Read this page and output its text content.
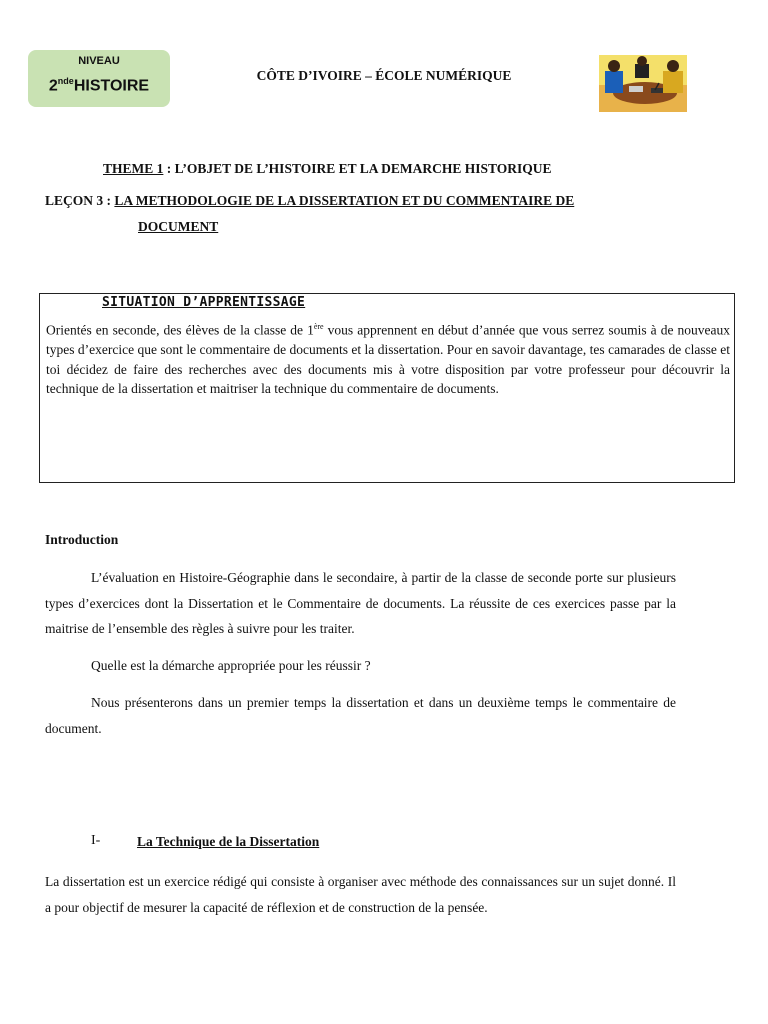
NIVEAU
2ndeHISTOIRE
CÔTE D’IVOIRE – ÉCOLE NUMÉRIQUE
THEME 1 : L’OBJET DE L’HISTOIRE ET LA DEMARCHE HISTORIQUE
LEÇON 3 : LA METHODOLOGIE DE LA DISSERTATION ET DU COMMENTAIRE DE
DOCUMENT
SITUATION D’APPRENTISSAGE
Orientés en seconde, des élèves de la classe de 1ère vous apprennent en début d’année que vous serrez soumis à de nouveaux types d’exercice que sont le commentaire de documents et la dissertation. Pour en savoir davantage, tes camarades de classe et toi décidez de faire des recherches avec des documents mis à votre disposition par votre professeur pour découvrir la technique de la dissertation et maitriser la technique du commentaire de documents.
Introduction
L’évaluation en Histoire-Géographie dans le secondaire, à partir de la classe de seconde porte sur plusieurs types d’exercices dont la Dissertation et le Commentaire de documents. La réussite de ces exercices passe par la maitrise de l’ensemble des règles à suivre pour les traiter.
Quelle est la démarche appropriée pour les réussir ?
Nous présenterons dans un premier temps la dissertation et dans un deuxième temps le commentaire de document.
I-	La Technique de la Dissertation
La dissertation est un exercice rédigé qui consiste à organiser avec méthode des connaissances sur un sujet donné. Il a pour objectif de mesurer la capacité de réflexion et de construction de la pensée.
